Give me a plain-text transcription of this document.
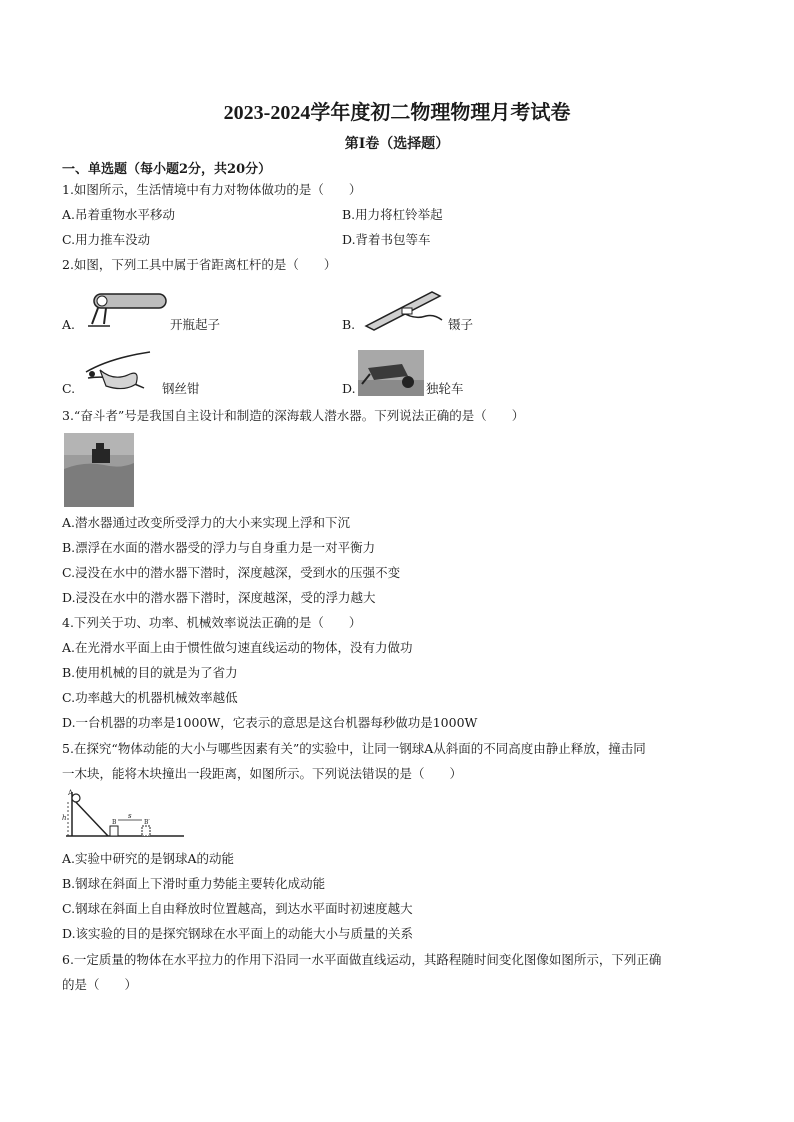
2023-2024学年度初二物理物理月考试卷
第Ⅰ卷（选择题）
一、单选题（每小题2分，共20分）
1.如图所示，生活情境中有力对物体做功的是（　　）
A.吊着重物水平移动	B.用力将杠铃举起
C.用力推车没动	D.背着书包等车
2.如图，下列工具中属于省距离杠杆的是（　　）
A.	开瓶起子	B.	镊子
C.	钢丝钳	D.	独轮车
3.“奋斗者”号是我国自主设计和制造的深海载人潜水器。下列说法正确的是（　　）
A.潜水器通过改变所受浮力的大小来实现上浮和下沉
B.漂浮在水面的潜水器受的浮力与自身重力是一对平衡力
C.浸没在水中的潜水器下潜时，深度越深，受到水的压强不变
D.浸没在水中的潜水器下潜时，深度越深，受的浮力越大
4.下列关于功、功率、机械效率说法正确的是（　　）
A.在光滑水平面上由于惯性做匀速直线运动的物体，没有力做功
B.使用机械的目的就是为了省力
C.功率越大的机器机械效率越低
D.一台机器的功率是1000W，它表示的意思是这台机器每秒做功是1000W
5.在探究“物体动能的大小与哪些因素有关”的实验中，让同一钢球A从斜面的不同高度由静止释放，撞击同
一木块，能将木块撞出一段距离，如图所示。下列说法错误的是（　　）
A
h
B
s
B′
A.实验中研究的是钢球A的动能
B.钢球在斜面上下滑时重力势能主要转化成动能
C.钢球在斜面上自由释放时位置越高，到达水平面时初速度越大
D.该实验的目的是探究钢球在水平面上的动能大小与质量的关系
6.一定质量的物体在水平拉力的作用下沿同一水平面做直线运动，其路程随时间变化图像如图所示，下列正确
的是（　　）
